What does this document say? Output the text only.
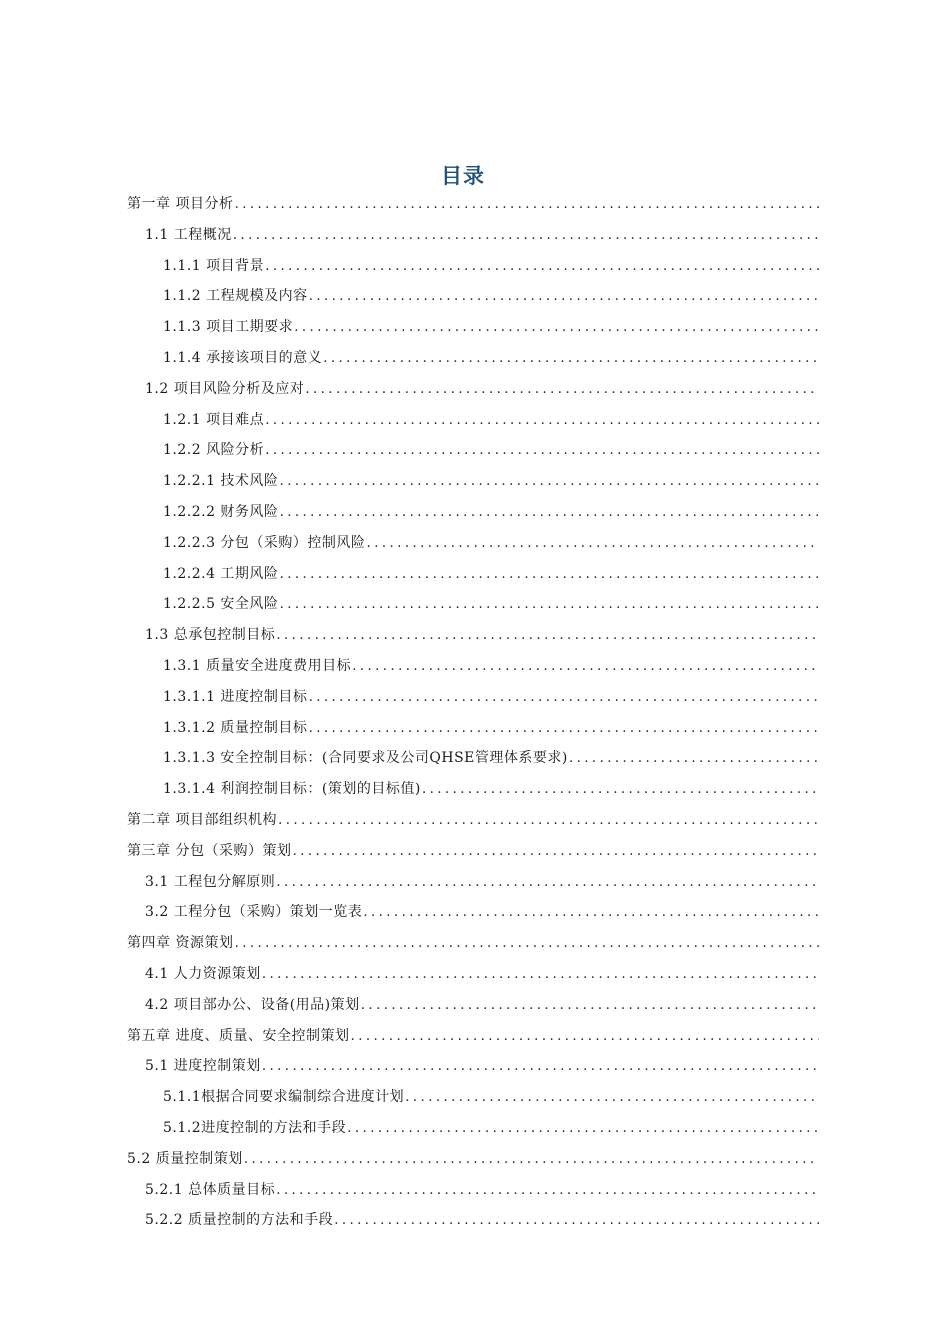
目录
第一章 项目分析
.....
1.1 工程概况
.....
1.1.1 项目背景
.....
1.1.2 工程规模及内容
.....
1.1.3 项目工期要求
.....
1.1.4 承接该项目的意义
.....
1.2 项目风险分析及应对
.....
1.2.1 项目难点
.....
1.2.2 风险分析
.....
1.2.2.1 技术风险
.....
1.2.2.2 财务风险
.....
1.2.2.3 分包（采购）控制风险
.....
1.2.2.4 工期风险
.....
1.2.2.5 安全风险
.....
1.3 总承包控制目标
.....
1.3.1 质量安全进度费用目标
.....
1.3.1.1 进度控制目标
.....
1.3.1.2 质量控制目标
.....
1.3.1.3 安全控制目标：(合同要求及公司QHSE管理体系要求)
.....
1.3.1.4 利润控制目标：(策划的目标值)
.....
第二章 项目部组织机构
.....
第三章 分包（采购）策划
.....
3.1 工程包分解原则
.....
3.2 工程分包（采购）策划一览表
.....
第四章 资源策划
.....
4.1 人力资源策划
.....
4.2 项目部办公、设备(用品)策划
.....
第五章 进度、质量、安全控制策划
.....
5.1 进度控制策划
.....
5.1.1根据合同要求编制综合进度计划
.....
5.1.2进度控制的方法和手段
.....
5.2 质量控制策划
.....
5.2.1 总体质量目标
.....
5.2.2 质量控制的方法和手段
.....
